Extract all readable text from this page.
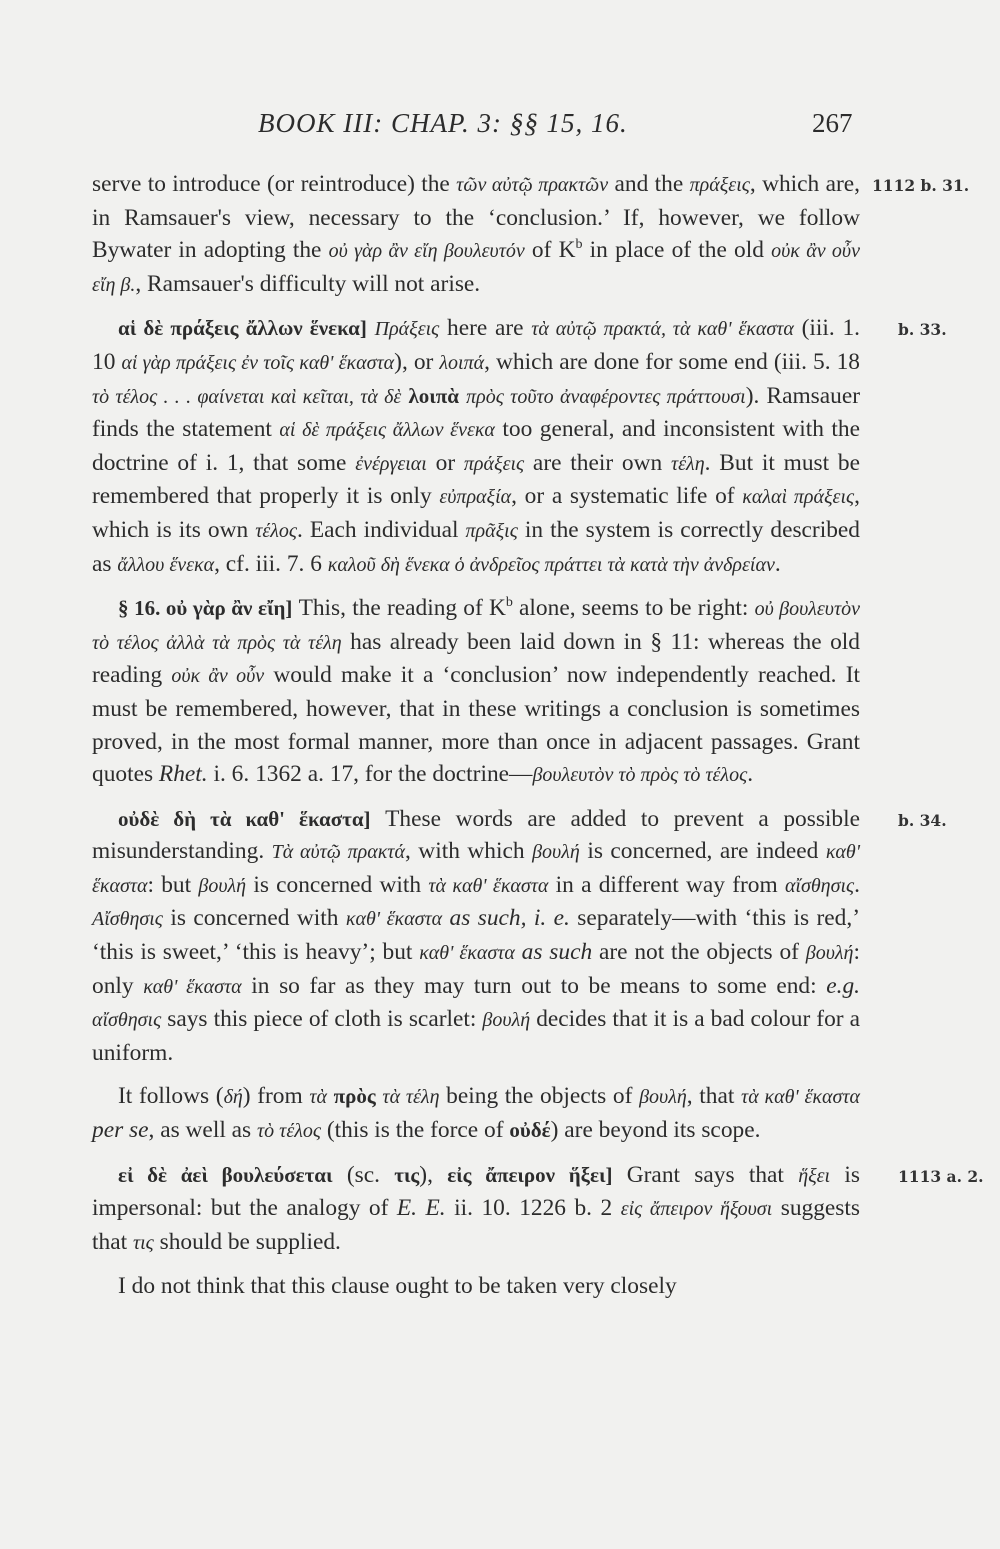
BOOK III: CHAP. 3: §§ 15, 16.	267

1112 b. 31.
serve to introduce (or reintroduce) the τῶν αὐτῷ πρακτῶν and the πράξεις, which are, in Ramsauer's view, necessary to the ‘conclusion.’ If, however, we follow Bywater in adopting the οὐ γὰρ ἂν εἴη βουλευτόν of $K^b$ in place of the old οὐκ ἂν οὖν εἴη β., Ramsauer's difficulty will not arise.

b. 33.
αἱ δὲ πράξεις ἄλλων ἕνεκα] Πράξεις here are τὰ αὐτῷ πρακτά, τὰ καθ' ἕκαστα (iii. 1. 10 αἱ γὰρ πράξεις ἐν τοῖς καθ' ἕκαστα), or λοιπά, which are done for some end (iii. 5. 18 τὸ τέλος . . . φαίνεται καὶ κεῖται, τὰ δὲ λοιπὰ πρὸς τοῦτο ἀναφέροντες πράττουσι). Ramsauer finds the statement αἱ δὲ πράξεις ἄλλων ἕνεκα too general, and inconsistent with the doctrine of i. 1, that some ἐνέργειαι or πράξεις are their own τέλη. But it must be remembered that properly it is only εὐπραξία, or a systematic life of καλαὶ πράξεις, which is its own τέλος. Each individual πρᾶξις in the system is correctly described as ἄλλου ἕνεκα, cf. iii. 7. 6 καλοῦ δὴ ἕνεκα ὁ ἀνδρεῖος πράττει τὰ κατὰ τὴν ἀνδρείαν.

§ 16. οὐ γὰρ ἂν εἴη] This, the reading of $K^b$ alone, seems to be right: οὐ βουλευτὸν τὸ τέλος ἀλλὰ τὰ πρὸς τὰ τέλη has already been laid down in § 11: whereas the old reading οὐκ ἂν οὖν would make it a ‘conclusion’ now independently reached. It must be remembered, however, that in these writings a conclusion is sometimes proved, in the most formal manner, more than once in adjacent passages. Grant quotes Rhet. i. 6. 1362 a. 17, for the doctrine—βουλευτὸν τὸ πρὸς τὸ τέλος.

b. 34.
οὐδὲ δὴ τὰ καθ' ἕκαστα] These words are added to prevent a possible misunderstanding. Τὰ αὐτῷ πρακτά, with which βουλή is concerned, are indeed καθ' ἕκαστα: but βουλή is concerned with τὰ καθ' ἕκαστα in a different way from αἴσθησις. Αἴσθησις is concerned with καθ' ἕκαστα as such, i. e. separately—with ‘this is red,’ ‘this is sweet,’ ‘this is heavy’; but καθ' ἕκαστα as such are not the objects of βουλή: only καθ' ἕκαστα in so far as they may turn out to be means to some end: e.g. αἴσθησις says this piece of cloth is scarlet: βουλή decides that it is a bad colour for a uniform.

It follows (δή) from τὰ πρὸς τὰ τέλη being the objects of βουλή, that τὰ καθ' ἕκαστα per se, as well as τὸ τέλος (this is the force of οὐδέ) are beyond its scope.

1113 a. 2.
εἰ δὲ ἀεὶ βουλεύσεται (sc. τις), εἰς ἄπειρον ἥξει] Grant says that ἥξει is impersonal: but the analogy of E. E. ii. 10. 1226 b. 2 εἰς ἄπειρον ἥξουσι suggests that τις should be supplied.

I do not think that this clause ought to be taken very closely
